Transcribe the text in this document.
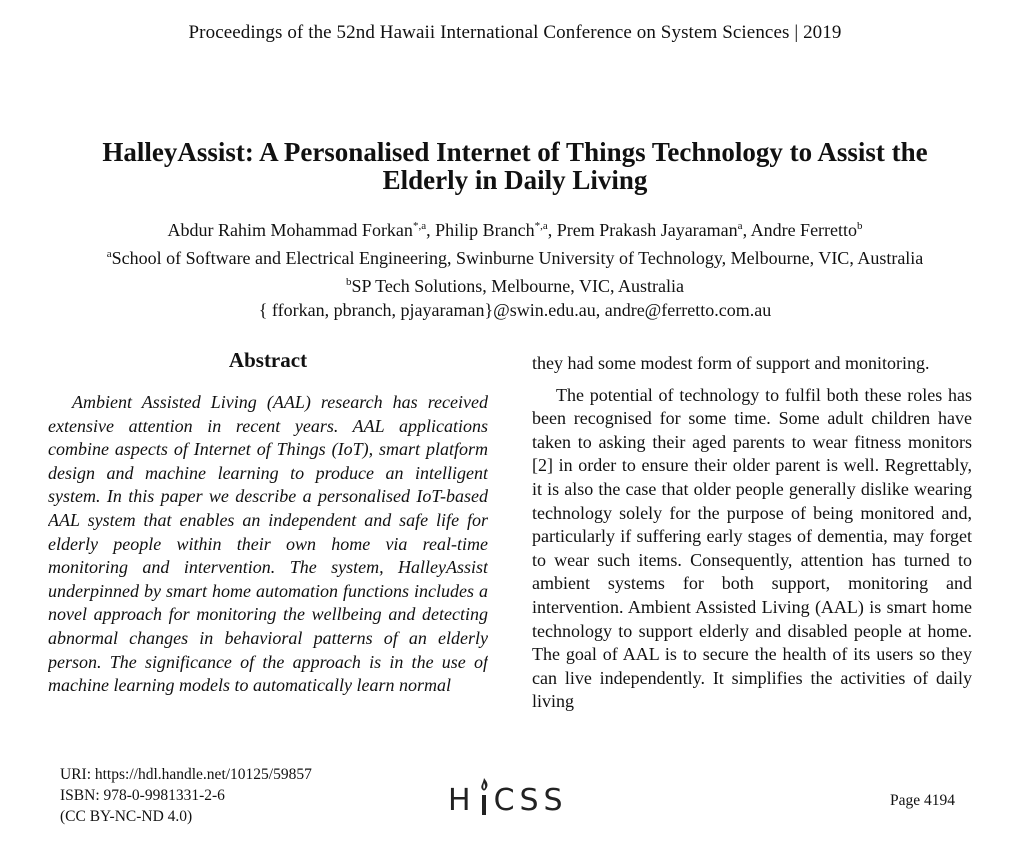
Proceedings of the 52nd Hawaii International Conference on System Sciences | 2019
HalleyAssist: A Personalised Internet of Things Technology to Assist the
Elderly in Daily Living
Abdur Rahim Mohammad Forkan$^{*,a}$, Philip Branch$^{*,a}$, Prem Prakash Jayaraman$^a$, Andre Ferretto$^b$
$^a$School of Software and Electrical Engineering, Swinburne University of Technology, Melbourne, VIC, Australia
$^b$SP Tech Solutions, Melbourne, VIC, Australia
{ fforkan, pbranch, pjayaraman}@swin.edu.au, andre@ferretto.com.au
Abstract

Ambient Assisted Living (AAL) research has received extensive attention in recent years. AAL applications combine aspects of Internet of Things (IoT), smart platform design and machine learning to produce an intelligent system. In this paper we describe a personalised IoT-based AAL system that enables an independent and safe life for elderly people within their own home via real-time monitoring and intervention. The system, HalleyAssist underpinned by smart home automation functions includes a novel approach for monitoring the wellbeing and detecting abnormal changes in behavioral patterns of an elderly person. The significance of the approach is in the use of machine learning models to automatically learn normal

they had some modest form of support and monitoring.

The potential of technology to fulfil both these roles has been recognised for some time. Some adult children have taken to asking their aged parents to wear fitness monitors [2] in order to ensure their older parent is well. Regrettably, it is also the case that older people generally dislike wearing technology solely for the purpose of being monitored and, particularly if suffering early stages of dementia, may forget to wear such items. Consequently, attention has turned to ambient systems for both support, monitoring and intervention. Ambient Assisted Living (AAL) is smart home technology to support elderly and disabled people at home. The goal of AAL is to secure the health of its users so they can live independently. It simplifies the activities of daily living

URI: https://hdl.handle.net/10125/59857
ISBN: 978-0-9981331-2-6
(CC BY-NC-ND 4.0)	H CSS	Page 4194
